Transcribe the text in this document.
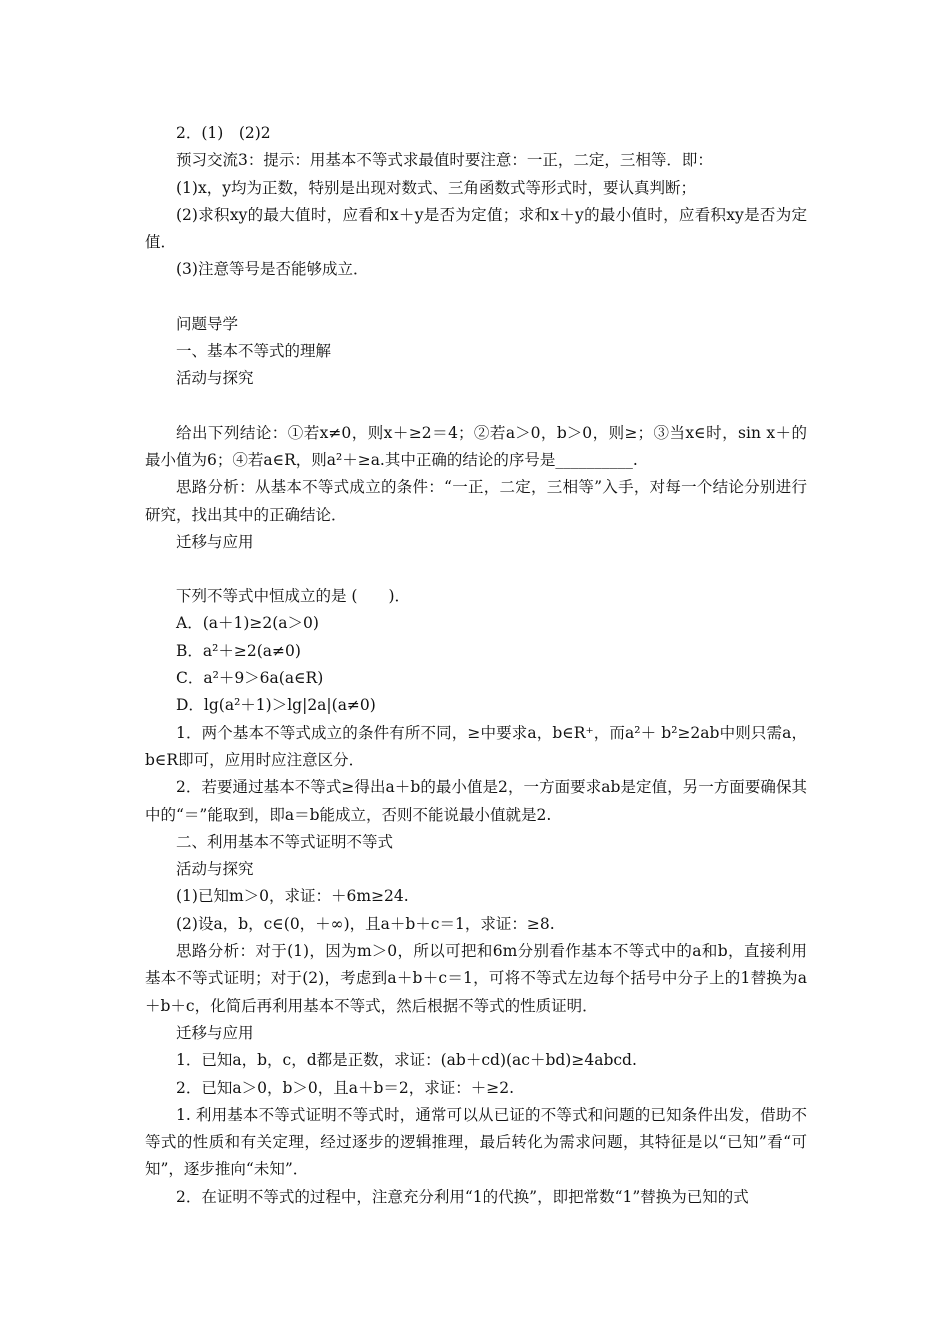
2．(1)　(2)2

预习交流3：提示：用基本不等式求最值时要注意：一正，二定，三相等．即：

(1)x，y均为正数，特别是出现对数式、三角函数式等形式时，要认真判断；

(2)求积xy的最大值时，应看和x＋y是否为定值；求和x＋y的最小值时，应看积xy是否为定值．

(3)注意等号是否能够成立．

问题导学

一、基本不等式的理解

活动与探究

给出下列结论：①若x≠0，则x＋≥2＝4；②若a＞0，b＞0，则≥；③当x∈时，sin x＋的最小值为6；④若a∈R，则a²＋≥a.其中正确的结论的序号是__________.

思路分析：从基本不等式成立的条件：“一正，二定，三相等”入手，对每一个结论分别进行研究，找出其中的正确结论．

迁移与应用

下列不等式中恒成立的是 (　　)．

A．(a＋1)≥2(a＞0)

B．a²＋≥2(a≠0)

C．a²＋9＞6a(a∈R)

D．lg(a²＋1)＞lg|2a|(a≠0)

1．两个基本不等式成立的条件有所不同，≥中要求a，b∈R⁺，而a²＋ b²≥2ab中则只需a，b∈R即可，应用时应注意区分．

2．若要通过基本不等式≥得出a＋b的最小值是2，一方面要求ab是定值，另一方面要确保其中的“＝”能取到，即a＝b能成立，否则不能说最小值就是2.

二、利用基本不等式证明不等式

活动与探究

(1)已知m＞0，求证：＋6m≥24.

(2)设a，b，c∈(0，＋∞)，且a＋b＋c＝1，求证：≥8.

思路分析：对于(1)，因为m＞0，所以可把和6m分别看作基本不等式中的a和b，直接利用基本不等式证明；对于(2)，考虑到a＋b＋c＝1，可将不等式左边每个括号中分子上的1替换为a＋b＋c，化简后再利用基本不等式，然后根据不等式的性质证明．

迁移与应用

1．已知a，b，c，d都是正数，求证：(ab＋cd)(ac＋bd)≥4abcd.

2．已知a＞0，b＞0，且a＋b＝2，求证：＋≥2.

1. 利用基本不等式证明不等式时，通常可以从已证的不等式和问题的已知条件出发，借助不等式的性质和有关定理，经过逐步的逻辑推理，最后转化为需求问题，其特征是以“已知”看“可知”，逐步推向“未知”．

2．在证明不等式的过程中，注意充分利用“1的代换”，即把常数“1”替换为已知的式
